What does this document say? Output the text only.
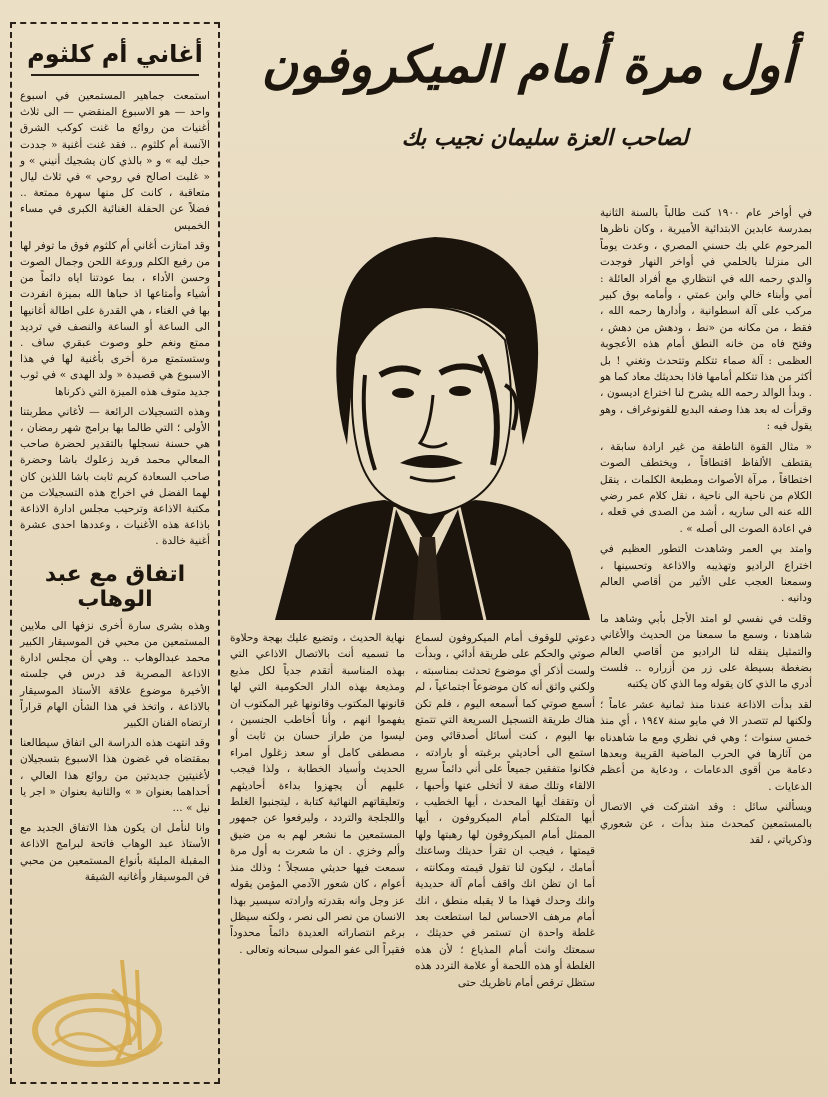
أول مرة أمام الميكروفون
لصاحب العزة سليمان نجيب بك

في أواخر عام ١٩٠٠ كنت طالباً بالسنة الثانية بمدرسة عابدين الابتدائية الأميرية ، وكان ناظرها المرحوم علي بك حسني المصري ، وعدت يوماً الى منزلنا بالحلمي في أواخر النهار فوجدت والدي رحمه الله في انتظاري مع أفراد العائلة : أمي وأبناء خالي وابن عمتي ، وأمامه بوق كبير مركب على آلة اسطوانية ، وأدارها رحمه الله ، فقط ، من مكانه من «نط ، ودهش من دهش ، وفتح فاه من خانه النطق أمام هذه الأعجوبة العظمى : آلة صماء تتكلم وتتحدث وتغني ! بل أكثر من هذا تتكلم أمامها فاذا بحديثك معاد كما هو . وبدأ الوالد رحمه الله يشرح لنا اختراع اديسون ، وقرأت له بعد هذا وصفه البديع للفونوغراف ، وهو يقول فيه :

« مثال القوة الناطقة من غير ارادة سابقة ، يقتطف الألفاظ اقتطافاً ، ويختطف الصوت اختطافاً ، مرآة الأصوات ومطبعة الكلمات ، ينقل الكلام من ناحية الى ناحية ، نقل كلام عمر رضي الله عنه الى ساريه ، أشد من الصدى في قعله ، في اعادة الصوت الى أصله » .

وامتد بي العمر وشاهدت التطور العظيم في اختراع الراديو وتهذيبه والاذاعة وتحسينها ، وسمعنا العجب على الأثير من أقاصي العالم ودانيه .

وقلت في نفسي لو امتد الأجل بأبي وشاهد ما شاهدنا ، وسمع ما سمعنا من الحديث والأغاني والتمثيل ينقله لنا الراديو من أقاصي العالم بضغطة بسيطة على زر من أزراره .. فلست أدري ما الذي كان يقوله وما الذي كان يكتبه

لقد بدأت الاذاعة عندنا منذ ثمانية عشر عاماً ؛ ولكنها لم تتصدر الا في مايو سنة ١٩٤٧ ، أي منذ خمس سنوات ؛ وهي في نظري ومع ما شاهدناه من آثارها في الحرب الماضية القريبة وبعدها دعامة من أقوى الدعامات ، ودعاية من أعظم الدعايات .

ويسألني سائل : وقد اشتركت في الاتصال بالمستمعين كمحدث منذ بدأت ، عن شعوري وذكرياتي ، لقد

دعوتي للوقوف أمام الميكروفون لسماع صوتي والحكم على طريقة أدائي ، وبدأت ولست أذكر أي موضوع تحدثت بمناسبته ، ولكني واثق أنه كان موضوعاً اجتماعياً ، لم أسمع صوتي كما أسمعه اليوم ، فلم تكن هناك طريقة التسجيل السريعة التي تتمتع بها اليوم ، كنت أسائل أصدقائي ومن استمع الى أحاديثي برغبته أو بارادته ، فكانوا متفقين جميعاً على أني دائماً سريع الالقاء وتلك صفة لا أتخلى عنها وأحبها ، أن وتقفك أيها المحدث ، أيها الخطيب ، أيها المتكلم أمام الميكروفون ، أيها الممثل أمام الميكروفون لها رهبتها ولها قيمتها ، فيجب ان تقرأ حديثك وساعتك أمامك ، ليكون لنا تقول قيمته ومكانته ، أما ان تظن انك واقف أمام آلة حديدية وانك وحدك فهذا ما لا يقبله منطق ، انك أمام مرهف الاحساس لما استطعت بعد غلطة واحدة ان تستمر في حديثك ، سمعتك وانت أمام المذياع ؛ لأن هذه الغلطة أو هذه اللحمة أو علامة التردد هذه ستظل ترقص أمام ناظريك حتى

نهاية الحديث ، وتضيع عليك بهجة وحلاوة ما تسميه أنت بالاتصال الاذاعي التي بهذه المناسبة أتقدم جدياً لكل مذيع ومذيعة بهذه الدار الحكومية التي لها قانونها المكتوب وقانونها غير المكتوب ان يفهموا انهم ، وأنا أخاطب الجنسين ، ليسوا من طراز حسان بن ثابت أو مصطفى كامل أو سعد زغلول امراء الحديث وأسياد الخطابة ، ولذا فيجب عليهم أن يجهزوا بداءة أحاديثهم وتعليقاتهم النهائية كتابة ، ليتجنبوا الغلط واللجلجة والتردد ، وليرفعوا عن جمهور المستمعين ما نشعر لهم به من ضيق وألم وخزي . ان ما شعرت به أول مرة سمعت فيها حديثي مسجلاً ؛ وذلك منذ أعوام ، كان شعور الآدمي المؤمن يقوله عز وجل وانه بقدرته وارادته سيسير بهذا الانسان من نصر الى نصر ، ولكنه سيظل برغم انتصاراته العديدة دائماً محدوداً فقيراً الى عفو المولى سبحانه وتعالى .

أغاني أم كلثوم

استمعت جماهير المستمعين في اسبوع واحد — هو الاسبوع المنقضي — الى ثلاث أغنيات من روائع ما غنت كوكب الشرق الآنسة أم كلثوم .. فقد غنت أغنية « جددت حبك ليه » و « بالذي كان يشجيك أنيني » و « غلبت اصالح في روحي » في ثلاث ليال متعاقبة ، كانت كل منها سهرة ممتعة .. فضلاً عن الحفلة الغنائية الكبرى في مساء الخميس

وقد امتازت أغاني أم كلثوم فوق ما توفر لها من رفيع الكلم وروعة اللحن وجمال الصوت وحسن الأداء ، بما عودتنا اياه دائماً من أشياء وأمتاعها اذ حباها الله بميزة انفردت بها في الغناء ، هي القدرة على اطالة أغانيها الى الساعة أو الساعة والنصف في ترديد ممتع ونغم حلو وصوت عبقري ساف . وستستمتع مرة أخرى بأغنية لها في هذا الاسبوع هي قصيدة « ولد الهدى » في ثوب جديد متوف هذه الميزة التي ذكرناها

وهذه التسجيلات الرائعة — لأغاني مطربتنا الأولى ؛ التي طالما بها برامج شهر رمضان ، هي حسنة نسجلها بالتقدير لحضرة صاحب المعالي محمد فريد زعلوك باشا وحضرة صاحب السعادة كريم ثابت باشا اللذين كان لهما الفضل في اخراج هذه التسجيلات من مكتبة الاذاعة وترحيب مجلس ادارة الاذاعة باذاعة هذه الأغنيات ، وعددها احدى عشرة أغنية خالدة .

اتفاق مع عبد الوهاب

وهذه بشرى سارة أخرى نزفها الى ملايين المستمعين من محبي فن الموسيقار الكبير محمد عبدالوهاب .. وهي أن مجلس ادارة الاذاعة المصرية قد درس في جلسته الأخيرة موضوع علاقة الأستاذ الموسيقار بالاذاعة ، واتخذ في هذا الشأن الهام قراراً ارتضاه الفنان الكبير

وقد انتهت هذه الدراسة الى اتفاق سيطالعنا بمقتضاه في غضون هذا الاسبوع بتسجيلان لأغنيتين جديدتين من روائع هذا العالي ، أحداهما بعنوان « » والثانية بعنوان « اجر يا نيل » ...

وانا لنأمل ان يكون هذا الاتفاق الجديد مع الأستاذ عبد الوهاب فاتحة لبرامج الاذاعة المقبلة المليئة بأنواع المستمعين من محبي فن الموسيقار وأغانيه الشيقة
